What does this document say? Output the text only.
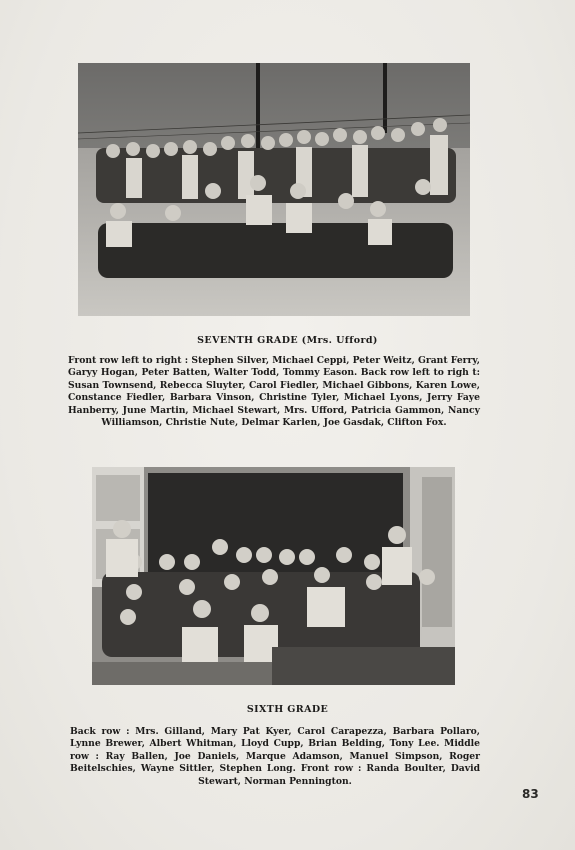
SEVENTH GRADE (Mrs. Ufford)
Front row left to right : Stephen Silver, Michael Ceppi, Peter Weitz, Grant Ferry, Garyy Hogan, Peter Batten, Walter Todd, Tommy Eason. Back row left to righ t: Susan Townsend, Rebecca Sluyter, Carol Fiedler, Michael Gibbons, Karen Lowe, Constance Fiedler, Barbara Vinson, Christine Tyler, Michael Lyons, Jerry Faye Hanberry, June Martin, Michael Stewart, Mrs. Ufford, Patricia Gammon, Nancy Williamson, Christie Nute, Delmar Karlen, Joe Gasdak, Clifton Fox.
SIXTH GRADE
Back row : Mrs. Gilland, Mary Pat Kyer, Carol Carapezza, Barbara Pollaro, Lynne Brewer, Albert Whitman, Lloyd Cupp, Brian Belding, Tony Lee. Middle row : Ray Ballen, Joe Daniels, Marque Adamson, Manuel Simpson, Roger Beitelschies, Wayne Sittler, Stephen Long. Front row : Randa Boulter, David Stewart, Norman Pennington.
83
